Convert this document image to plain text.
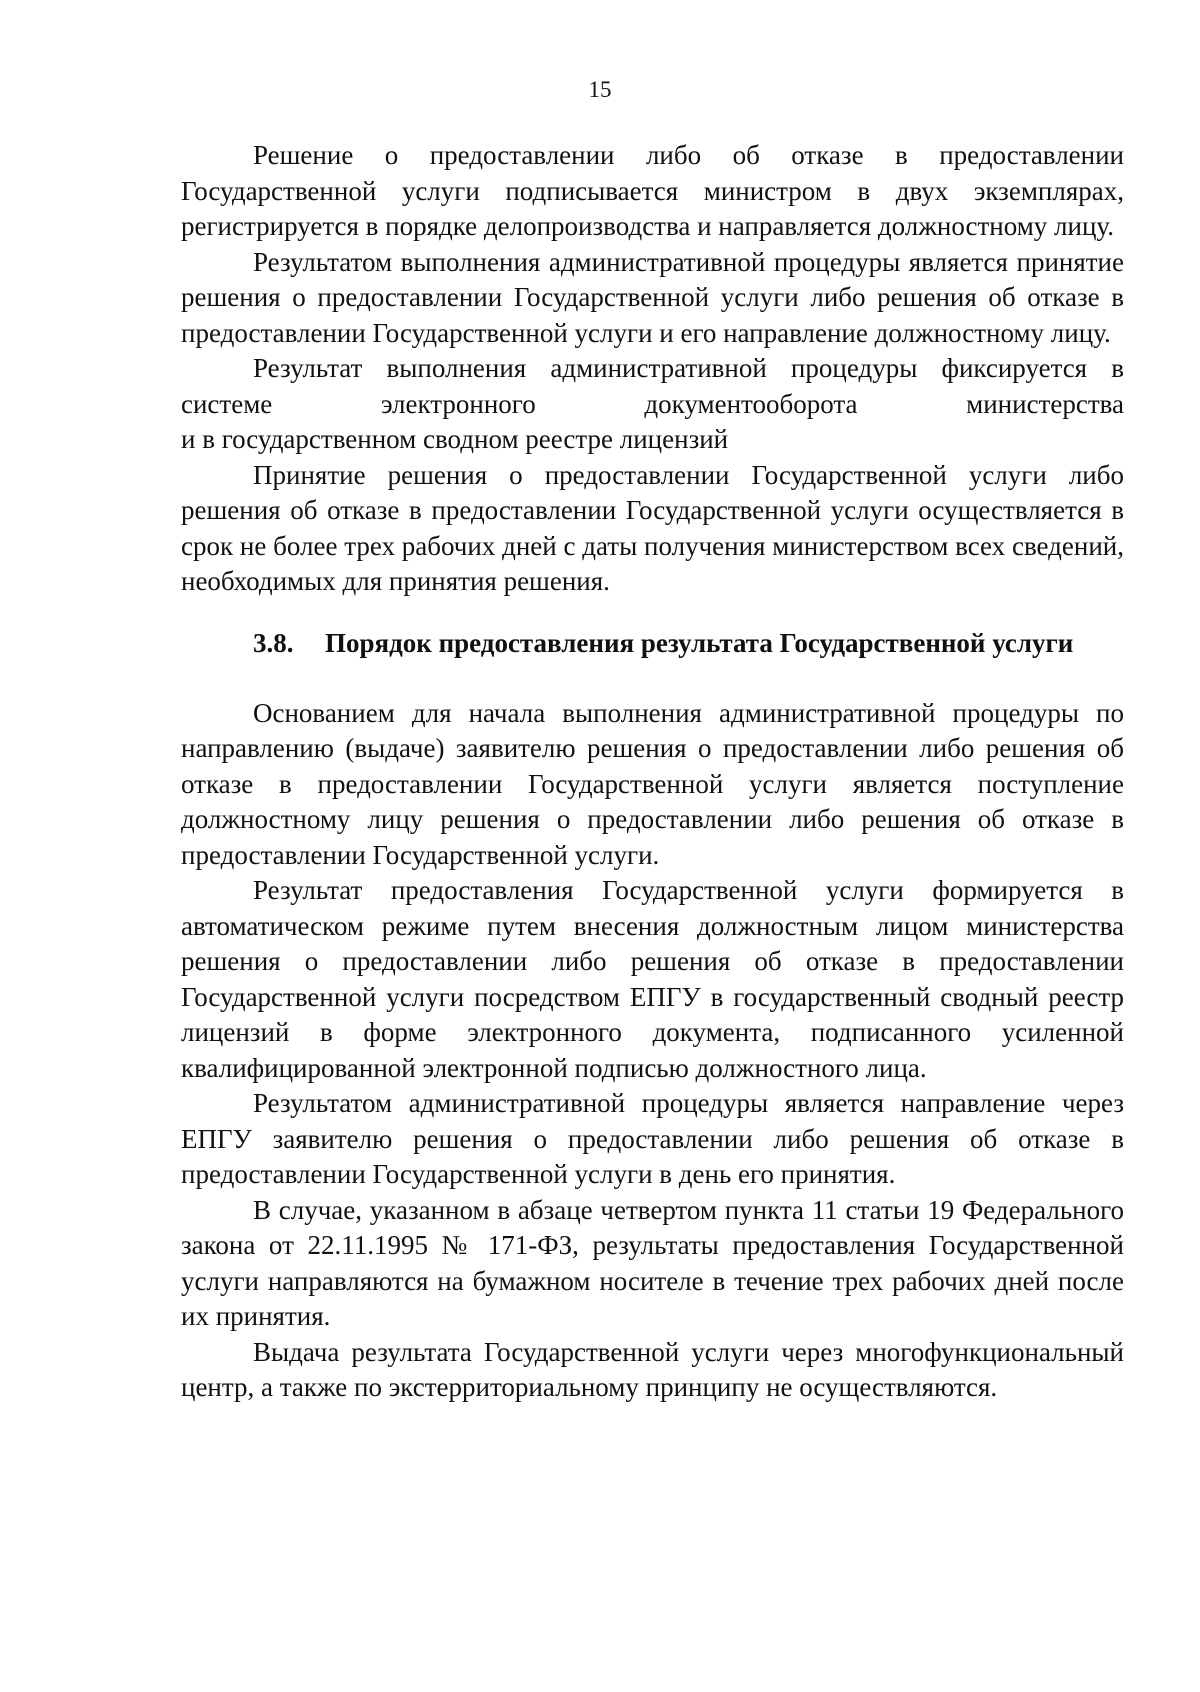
15

Решение о предоставлении либо об отказе в предоставлении Государственной услуги подписывается министром в двух экземплярах, регистрируется в порядке делопроизводства и направляется должностному лицу.

Результатом выполнения административной процедуры является принятие решения о предоставлении Государственной услуги либо решения об отказе в предоставлении Государственной услуги и его направление должностному лицу.

Результат выполнения административной процедуры фиксируется в системе электронного документооборота министерства

и в государственном сводном реестре лицензий

Принятие решения о предоставлении Государственной услуги либо решения об отказе в предоставлении Государственной услуги осуществляется в срок не более трех рабочих дней с даты получения министерством всех сведений, необходимых для принятия решения.

3.8. Порядок предоставления результата Государственной услуги

Основанием для начала выполнения административной процедуры по направлению (выдаче) заявителю решения о предоставлении либо решения об отказе в предоставлении Государственной услуги является поступление должностному лицу решения о предоставлении либо решения об отказе в предоставлении Государственной услуги.

Результат предоставления Государственной услуги формируется в автоматическом режиме путем внесения должностным лицом министерства решения о предоставлении либо решения об отказе в предоставлении Государственной услуги посредством ЕПГУ в государственный сводный реестр лицензий в форме электронного документа, подписанного усиленной квалифицированной электронной подписью должностного лица.

Результатом административной процедуры является направление через ЕПГУ заявителю решения о предоставлении либо решения об отказе в предоставлении Государственной услуги в день его принятия.

В случае, указанном в абзаце четвертом пункта 11 статьи 19 Федерального закона от 22.11.1995 № 171-ФЗ, результаты предоставления Государственной услуги направляются на бумажном носителе в течение трех рабочих дней после их принятия.

Выдача результата Государственной услуги через многофункциональный центр, а также по экстерриториальному принципу не осуществляются.
